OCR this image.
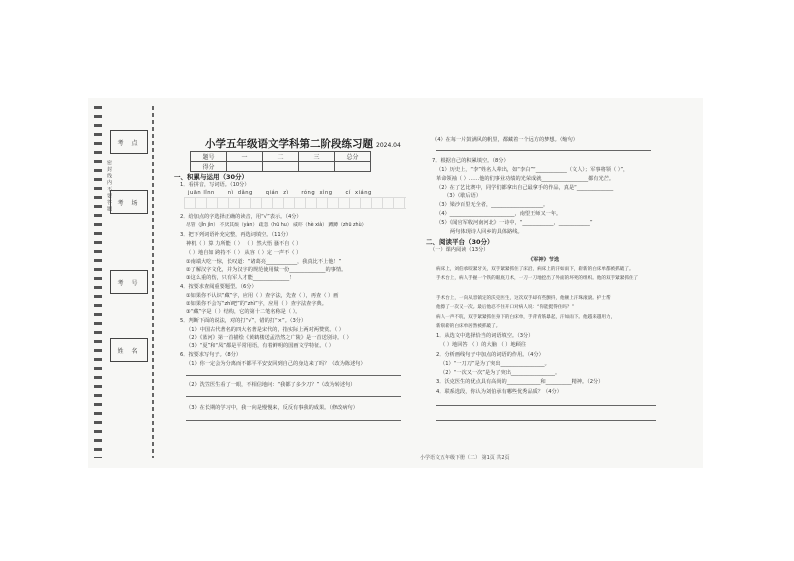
考 点
考 场
考 号
姓 名
密 封 线 内 不 要 答 题
小学五年级语文学科第二阶段练习题 2024.04
题号	一	二	三	总分
得分				
一、积累与运用（30分）
1．看拼音，写词语。（10分）
juān lǐnn nì dǎng qián zì róng xìng cí xiáng
2．给加点的字选择正确的读音，用“√”表示。（4分）
尽管（jǐn jìn） 不厌其烦（yàn） 疏忽（hū hu） 威吓（hè xià） 蹲蹲（zhū zhù）
3．把下列词语补充完整，再选词填空。（11分）
神机（ ）算 力所能（ ） （ ）然大悟 骚不自（ ）
（ ）地自如 跨持不（ ） 从容（ ）定 一声不（ ）
①南端大吃一惊，长叹道：“诸葛亮____________，我真比不上他！”
②了解汉字文化，并为汉字的规范使用做一份______________的事情。
③这么重的伤，只有军人才能______________！
4．按要求查阅重要题型。（6分）
①如果你不认识“藏”字，应用（ ）查字法，先查（ ），再查（ ）画
②如果你不会写“zhì吧”的“zhì”字，应用（ ）查字法查字典。
③“藏”字是（ ）结构，它的第十二笔名称是（ ）。
5．判断下面的说法，对的打“√”，错的打“×”。（3分）
（1）中国古代著名的四大名著是宋代的，指实际上两对两赞赏。（ ）
（2）《蓝河》第一首描绘《黄鹤楼送孟浩然之广陵》是一首送别诗。（ ）
（3）“夏”和“凤”都是平常用语，有着鲜明的国画文学特征。（ ）
6．按要求写句子。（8分）
（1）你一定会为分离而不都平平安安回到自己的身边来了吗？（改为陈述句）
（2）洗笠医生看了一眼，不相信地问：“我都了多少刀？”（改为转述句）
（3）在长期的学习中，我一向是慢慢来，反反有事我的成果。（修改病句）
（4）在每一片鼓满风的帆里，都藏着一个远方的梦想。（缩句）
7．根据自己的积累填空。（8分）
（1）历史上，“李”姓名人辈出，如“李白”“____________（文人）；军事将领（ ）”，
革命领袖（ ）……他的们事业功绩的光荣成就__________________都有光芒。
（2）在了艺比赛中，同学们都拿出自己最拿手的作品，真是“______________
（3）（歇后语）
（3）梁沙百里无全者，____________________。
（4）_________________________，南望王师又一年。
（5）《闻官军收河南河北》一诗中，“____________，____________”
两句体现诗人回乡的具体路线。
二、阅读平台（30分）
（一）课内阅读（13分）
《军神》节选
病床上，刘伯承咬紧牙关，双手紧紧抓住了床沿，病床上的汗如雨下，崭新的白床单都被抓破了。
手术台上，病人手握一个铁的眼底刀术，一刀一刀地挖出了外面的坏死的组织。他的双手紧紧抓住了
手术台上，一向从容镇定的沃克医生，这次双手却有些颤抖，他额上汗珠滚滚。护士帮
他擦了一次又一次。最后他忍不住开口对病人说：“你能挺得住吗？”
病人一声不吭，双手紧紧抓住身下的白床单，手背青筋暴起，汗如雨下。他越来越用力，
新崭崭的白床单居然被抓破了。
1．从选文中选择恰当的词语填空。（3分）
（ ）地回答 （ ）的大脑 （ ）地顾往
2．分析画线句子中加点的词语的作用。（4分）
（1）“一刀刀”是为了突出_________________。
（2）“一次又一次”是为了突出_________________。
3．沃克医生的优点具有高尚的_____________和__________精神。（2分）
4．联系选段，你认为刘伯承有哪些优秀品质？（4分）
小学语文五年级下册（二） 第1页 共2页
